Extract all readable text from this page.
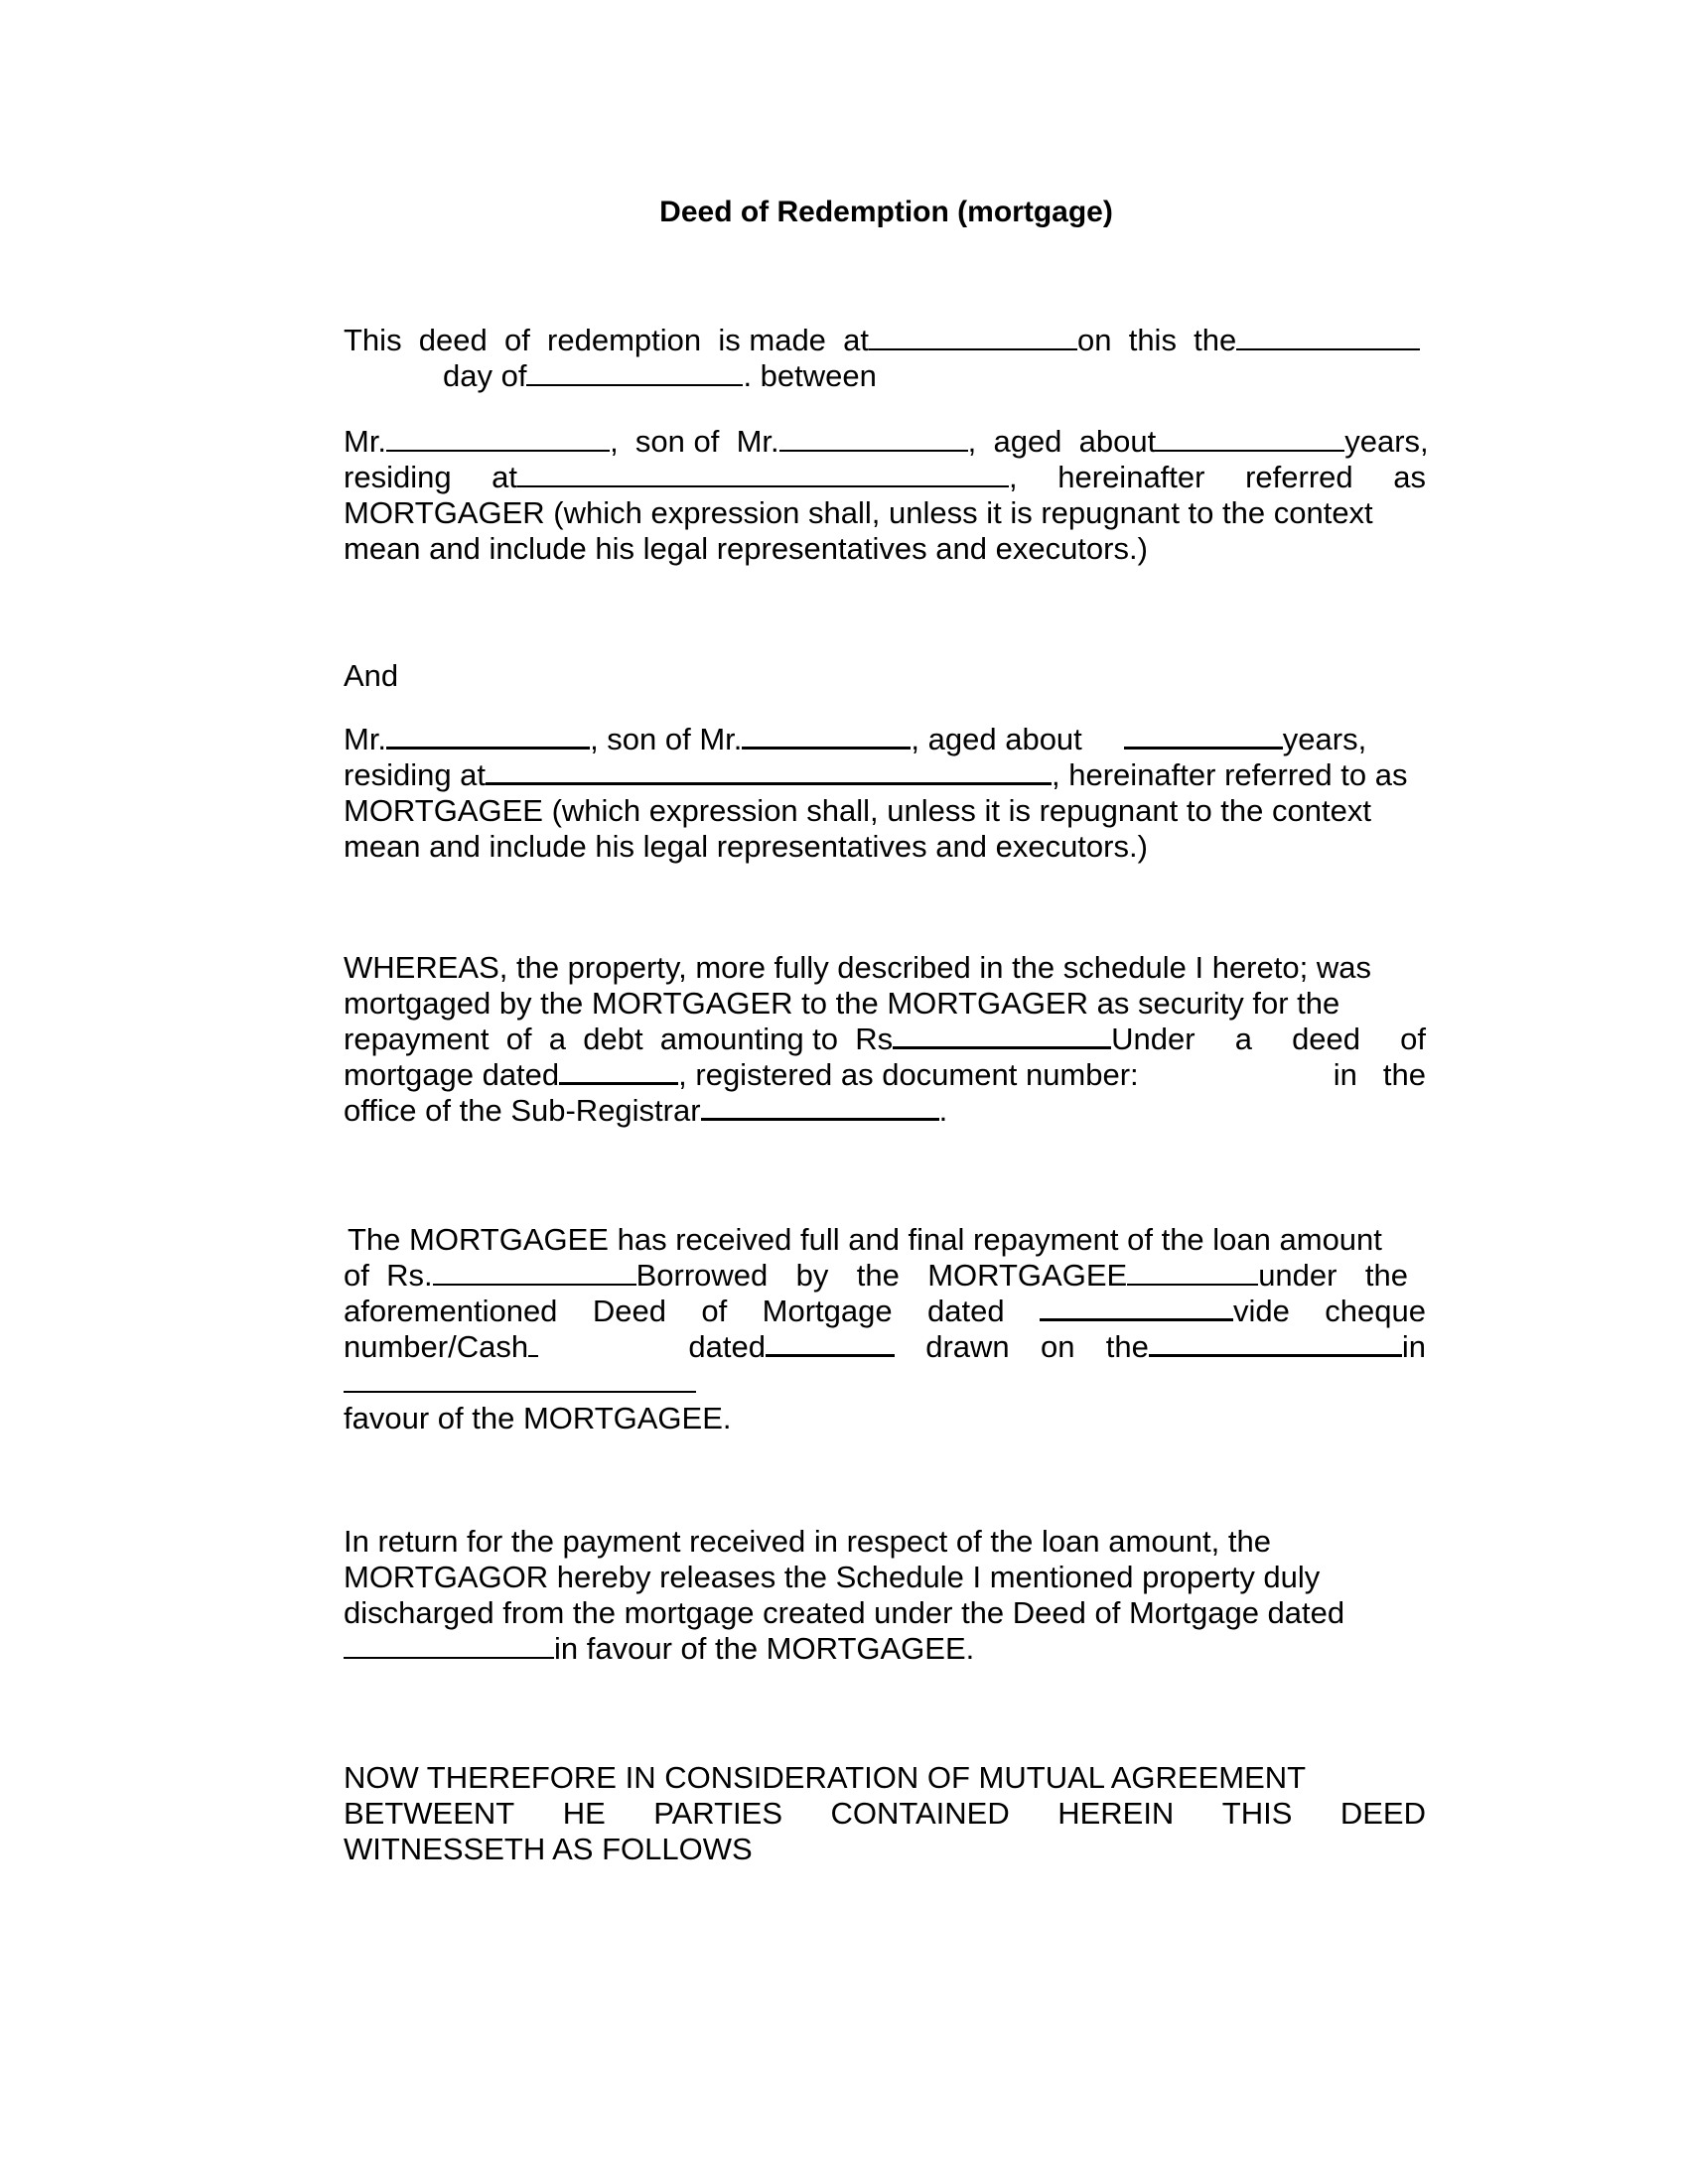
Deed of Redemption (mortgage)
This  deed  of  redemption  is made  at	on  this  the
day of	. between
Mr.	,  son of  Mr.	,  aged  about	years,
residing at	, hereinafter referred as
MORTGAGER (which expression shall, unless it is repugnant to the context
mean and include his legal representatives and executors.)
And
Mr.	, son of Mr.	, aged about	years,
residing at	, hereinafter referred to as
MORTGAGEE (which expression shall, unless it is repugnant to the context
mean and include his legal representatives and executors.)
WHEREAS, the property, more fully described in the schedule I hereto; was
mortgaged by the MORTGAGER to the MORTGAGER as security for the
repayment  of  a  debt  amounting to  Rs	Under a deed of
mortgage dated	, registered as document number:	in the
office of the Sub-Registrar	.
The MORTGAGEE has received full and final repayment of the loan amount
of  Rs.	Borrowed by the MORTGAGEE	under the
aforementioned Deed of Mortgage dated	vide cheque
number/Cash	dated	drawn on the	in
favour of the MORTGAGEE.
In return for the payment received in respect of the loan amount, the
MORTGAGOR hereby releases the Schedule I mentioned property duly
discharged from the mortgage created under the Deed of Mortgage dated
in favour of the MORTGAGEE.
NOW THEREFORE IN CONSIDERATION OF MUTUAL AGREEMENT
BETWEENT HE PARTIES CONTAINED HEREIN THIS DEED
WITNESSETH AS FOLLOWS
